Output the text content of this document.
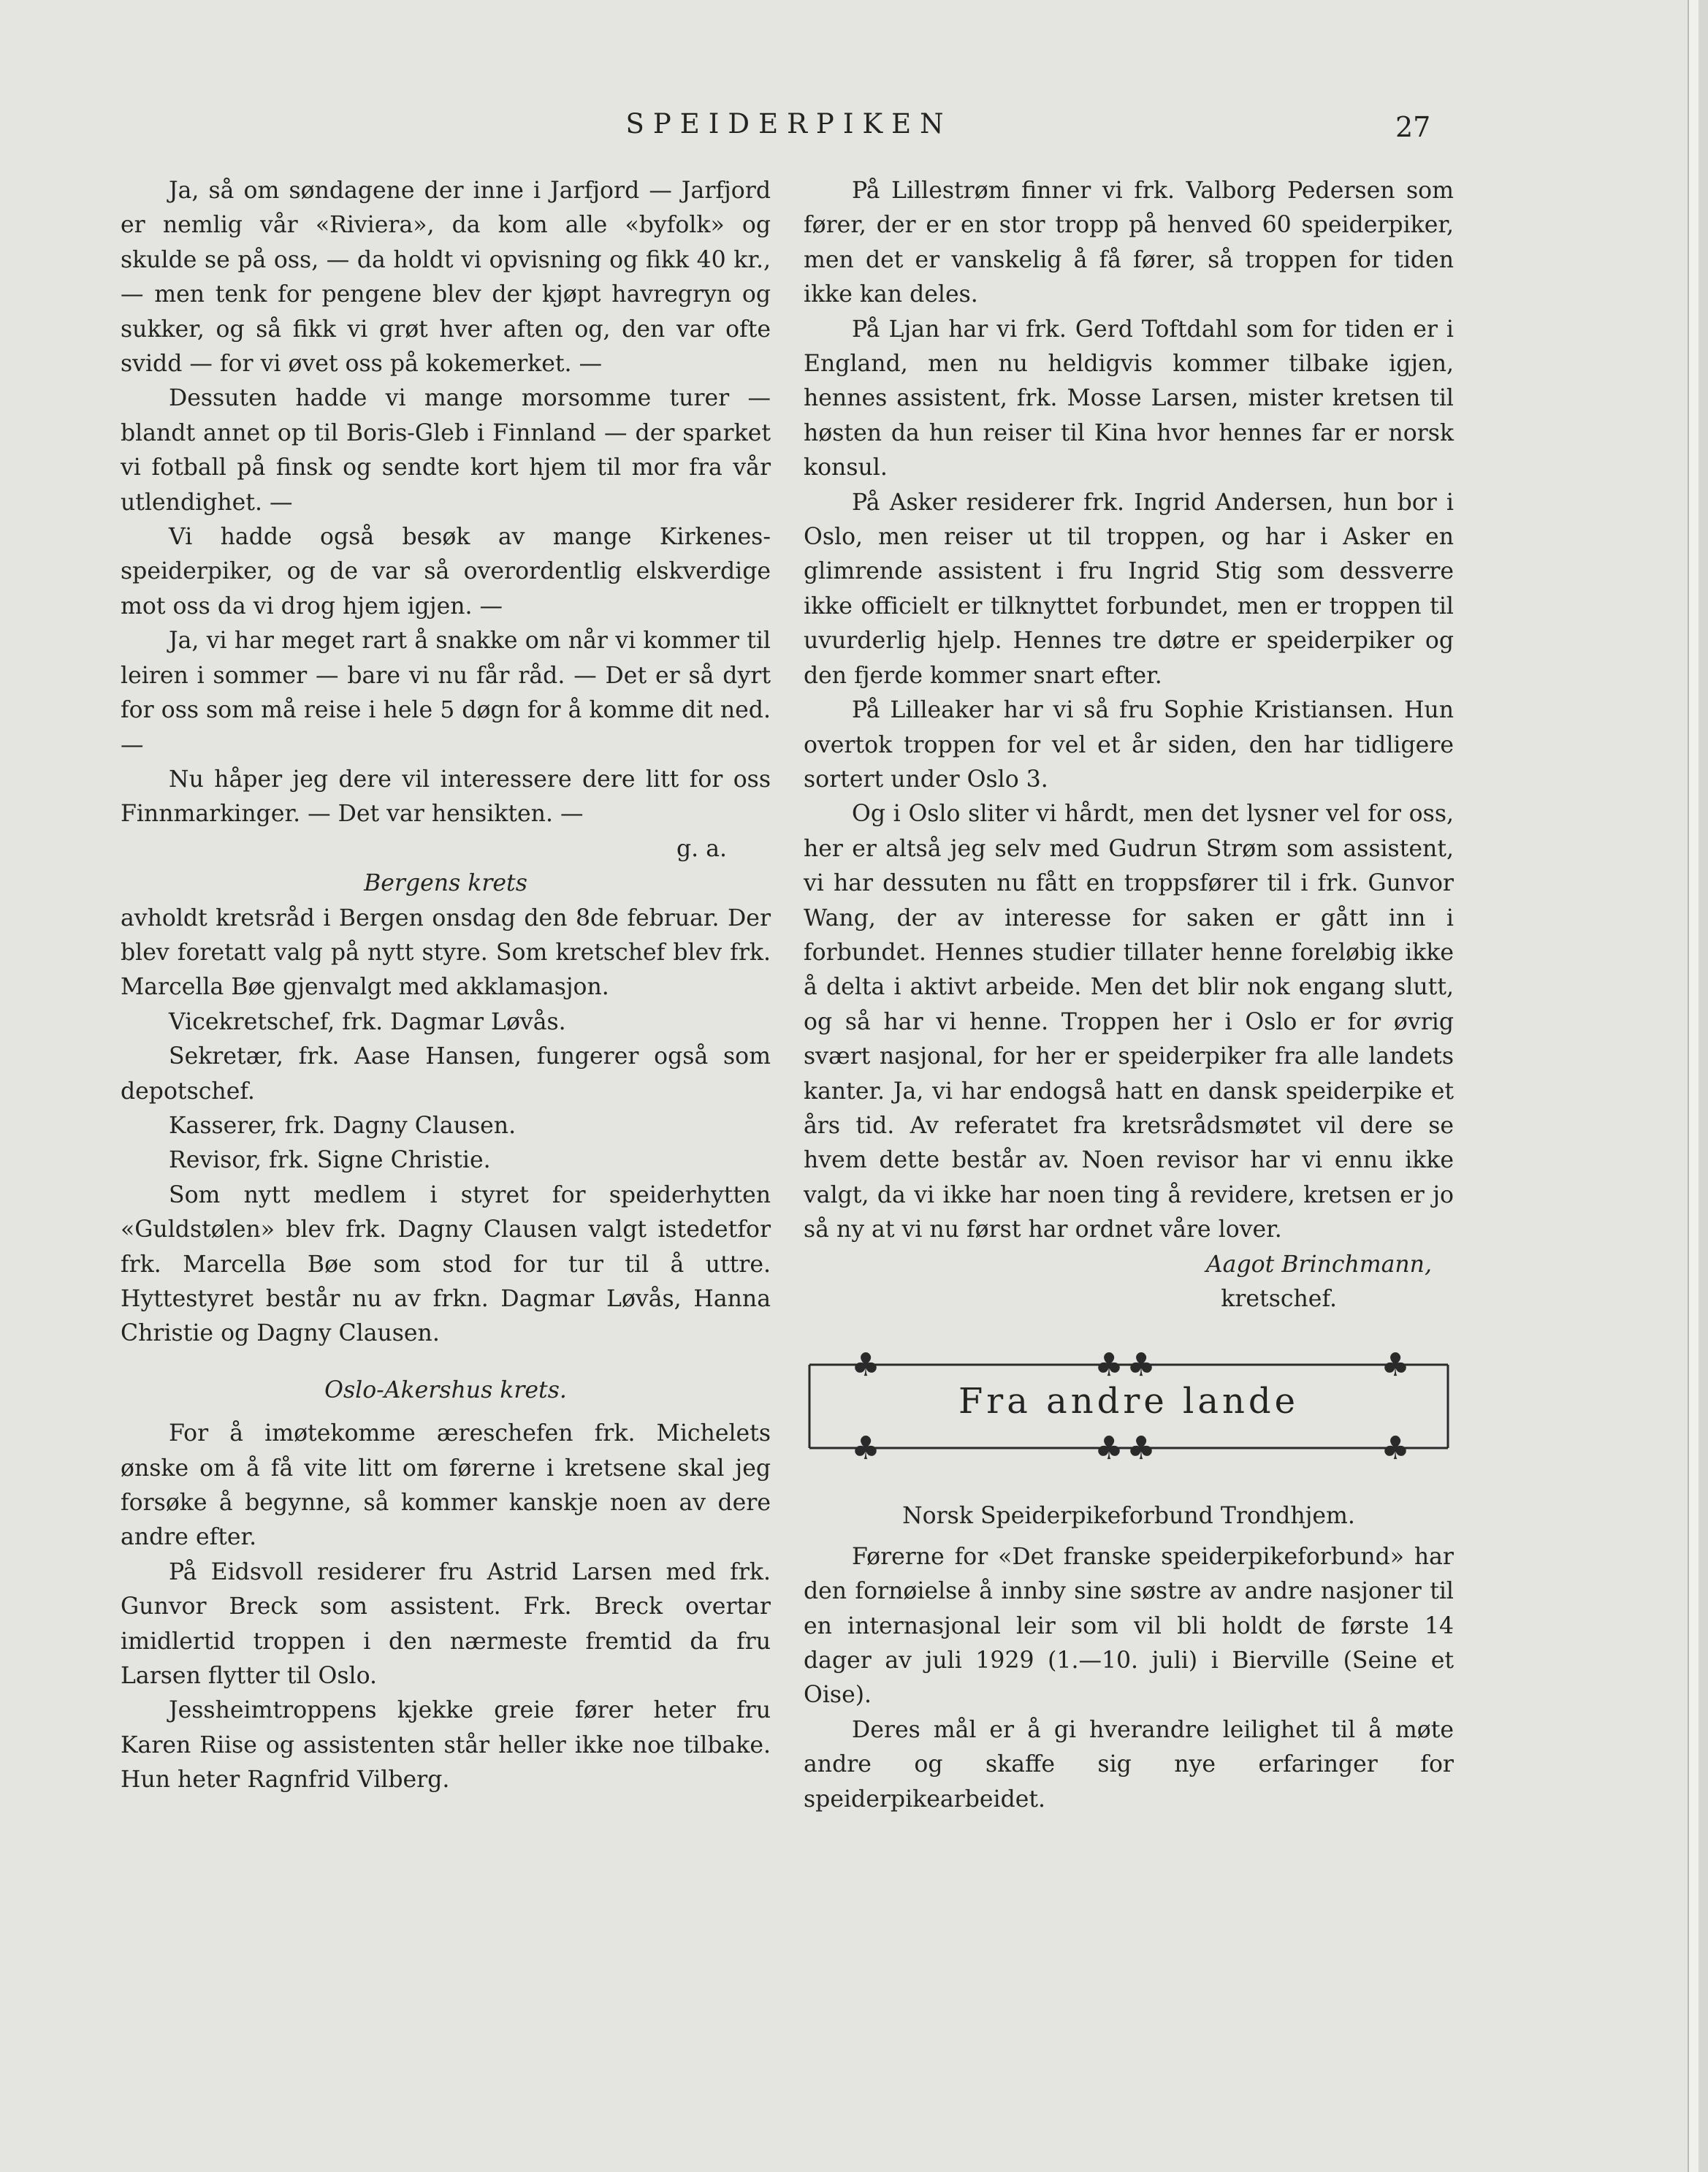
SPEIDERPIKEN	27

Ja, så om søndagene der inne i Jarfjord — Jarfjord er nemlig vår «Riviera», da kom alle «byfolk» og skulde se på oss, — da holdt vi opvisning og fikk 40 kr., — men tenk for pengene blev der kjøpt havregryn og sukker, og så fikk vi grøt hver aften og, den var ofte svidd — for vi øvet oss på kokemerket. —

Dessuten hadde vi mange morsomme turer — blandt annet op til Boris-Gleb i Finnland — der sparket vi fotball på finsk og sendte kort hjem til mor fra vår utlendighet. —

Vi hadde også besøk av mange Kirkenes-speiderpiker, og de var så overordentlig elskverdige mot oss da vi drog hjem igjen. —

Ja, vi har meget rart å snakke om når vi kommer til leiren i sommer — bare vi nu får råd. — Det er så dyrt for oss som må reise i hele 5 døgn for å komme dit ned. —

Nu håper jeg dere vil interessere dere litt for oss Finnmarkinger. — Det var hensikten. —

g. a.

Bergens krets

avholdt kretsråd i Bergen onsdag den 8de februar. Der blev foretatt valg på nytt styre. Som kretschef blev frk. Marcella Bøe gjenvalgt med akklamasjon.

Vicekretschef, frk. Dagmar Løvås.

Sekretær, frk. Aase Hansen, fungerer også som depotschef.

Kasserer, frk. Dagny Clausen.

Revisor, frk. Signe Christie.

Som nytt medlem i styret for speiderhytten «Guldstølen» blev frk. Dagny Clausen valgt istedetfor frk. Marcella Bøe som stod for tur til å uttre. Hyttestyret består nu av frkn. Dagmar Løvås, Hanna Christie og Dagny Clausen.

Oslo-Akershus krets.

For å imøtekomme æreschefen frk. Michelets ønske om å få vite litt om førerne i kretsene skal jeg forsøke å begynne, så kommer kanskje noen av dere andre efter.

På Eidsvoll residerer fru Astrid Larsen med frk. Gunvor Breck som assistent. Frk. Breck overtar imidlertid troppen i den nærmeste fremtid da fru Larsen flytter til Oslo.

Jessheimtroppens kjekke greie fører heter fru Karen Riise og assistenten står heller ikke noe tilbake. Hun heter Ragnfrid Vilberg.

På Lillestrøm finner vi frk. Valborg Pedersen som fører, der er en stor tropp på henved 60 speiderpiker, men det er vanskelig å få fører, så troppen for tiden ikke kan deles.

På Ljan har vi frk. Gerd Toftdahl som for tiden er i England, men nu heldigvis kommer tilbake igjen, hennes assistent, frk. Mosse Larsen, mister kretsen til høsten da hun reiser til Kina hvor hennes far er norsk konsul.

På Asker residerer frk. Ingrid Andersen, hun bor i Oslo, men reiser ut til troppen, og har i Asker en glimrende assistent i fru Ingrid Stig som dessverre ikke officielt er tilknyttet forbundet, men er troppen til uvurderlig hjelp. Hennes tre døtre er speiderpiker og den fjerde kommer snart efter.

På Lilleaker har vi så fru Sophie Kristiansen. Hun overtok troppen for vel et år siden, den har tidligere sortert under Oslo 3.

Og i Oslo sliter vi hårdt, men det lysner vel for oss, her er altså jeg selv med Gudrun Strøm som assistent, vi har dessuten nu fått en troppsfører til i frk. Gunvor Wang, der av interesse for saken er gått inn i forbundet. Hennes studier tillater henne foreløbig ikke å delta i aktivt arbeide. Men det blir nok engang slutt, og så har vi henne. Troppen her i Oslo er for øvrig svært nasjonal, for her er speiderpiker fra alle landets kanter. Ja, vi har endogså hatt en dansk speiderpike et års tid. Av referatet fra kretsrådsmøtet vil dere se hvem dette består av. Noen revisor har vi ennu ikke valgt, da vi ikke har noen ting å revidere, kretsen er jo så ny at vi nu først har ordnet våre lover.

Aagot Brinchmann,

kretschef.

♣	♣ ♣	♣
♣	♣ ♣	♣
Fra andre lande

Norsk Speiderpikeforbund Trondhjem.

Førerne for «Det franske speiderpikeforbund» har den fornøielse å innby sine søstre av andre nasjoner til en internasjonal leir som vil bli holdt de første 14 dager av juli 1929 (1.—10. juli) i Bierville (Seine et Oise).

Deres mål er å gi hverandre leilighet til å møte andre og skaffe sig nye erfaringer for speiderpikearbeidet.
